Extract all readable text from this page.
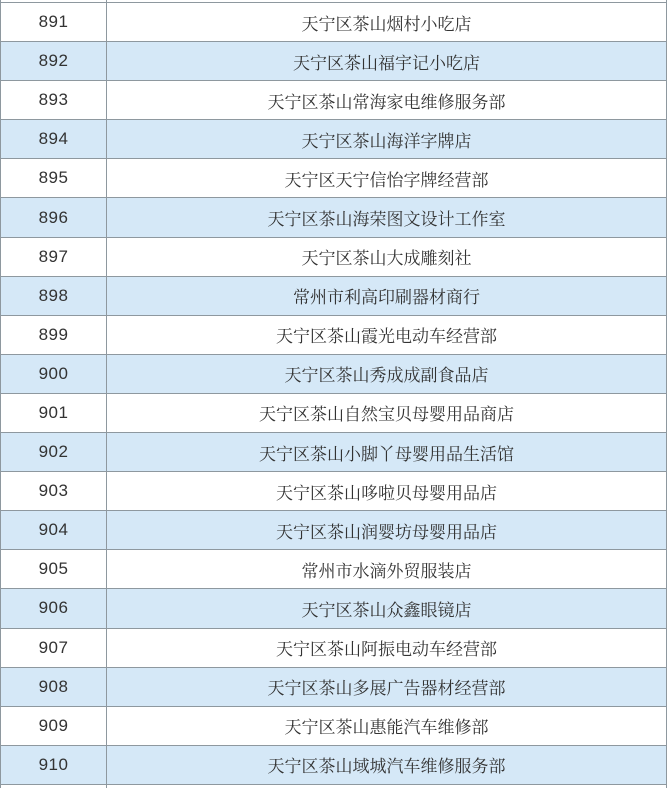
891	天宁区茶山烟村小吃店
892	天宁区茶山福宇记小吃店
893	天宁区茶山常海家电维修服务部
894	天宁区茶山海洋字牌店
895	天宁区天宁信怡字牌经营部
896	天宁区茶山海荣图文设计工作室
897	天宁区茶山大成雕刻社
898	常州市利高印刷器材商行
899	天宁区茶山霞光电动车经营部
900	天宁区茶山秀成成副食品店
901	天宁区茶山自然宝贝母婴用品商店
902	天宁区茶山小脚丫母婴用品生活馆
903	天宁区茶山哆啦贝母婴用品店
904	天宁区茶山润婴坊母婴用品店
905	常州市水滴外贸服装店
906	天宁区茶山众鑫眼镜店
907	天宁区茶山阿振电动车经营部
908	天宁区茶山多展广告器材经营部
909	天宁区茶山惠能汽车维修部
910	天宁区茶山域城汽车维修服务部
